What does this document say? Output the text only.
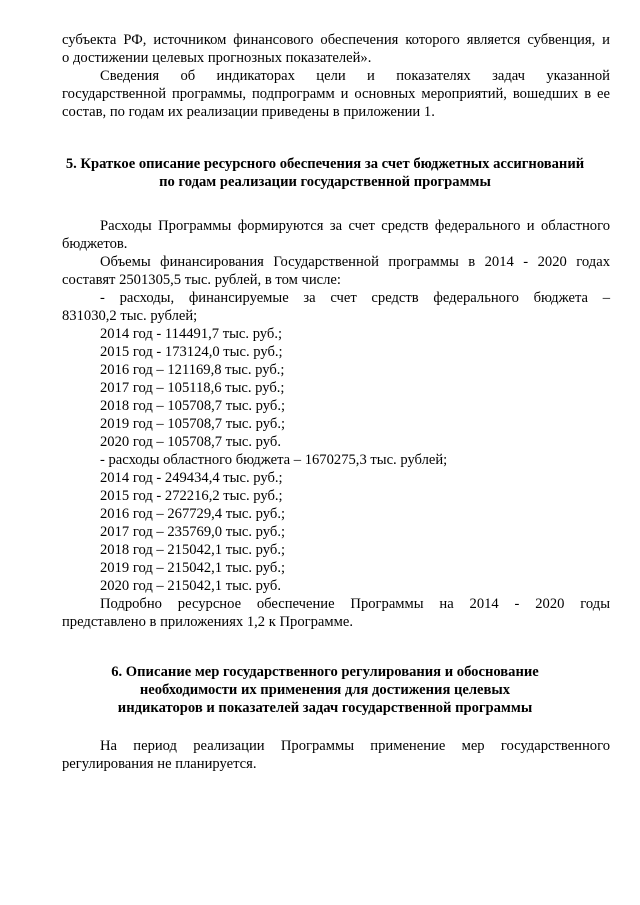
субъекта РФ, источником финансового обеспечения которого является субвенция, и
о достижении целевых прогнозных показателей».
Сведения об индикаторах цели и показателях задач указанной
государственной программы, подпрограмм и основных мероприятий, вошедших в ее
состав, по годам их реализации приведены в приложении 1.
5. Краткое описание ресурсного обеспечения за счет бюджетных ассигнований
по годам реализации государственной программы
Расходы Программы формируются за счет средств федерального и областного
бюджетов.
Объемы финансирования Государственной программы в 2014 - 2020 годах
составят 2501305,5 тыс. рублей, в том числе:
- расходы, финансируемые за счет средств федерального бюджета –
831030,2 тыс. рублей;
2014 год - 114491,7 тыс. руб.;
2015 год - 173124,0 тыс. руб.;
2016 год – 121169,8 тыс. руб.;
2017 год – 105118,6 тыс. руб.;
2018 год – 105708,7 тыс. руб.;
2019 год – 105708,7 тыс. руб.;
2020 год – 105708,7 тыс. руб.
- расходы областного бюджета – 1670275,3 тыс. рублей;
2014 год - 249434,4 тыс. руб.;
2015 год - 272216,2 тыс. руб.;
2016 год – 267729,4 тыс. руб.;
2017 год – 235769,0 тыс. руб.;
2018 год – 215042,1 тыс. руб.;
2019 год – 215042,1 тыс. руб.;
2020 год – 215042,1 тыс. руб.
Подробно ресурсное обеспечение Программы на 2014 - 2020 годы
представлено в приложениях 1,2 к Программе.
6. Описание мер государственного регулирования и обоснование
необходимости их применения для достижения целевых
индикаторов и показателей задач государственной программы
На период реализации Программы применение мер государственного
регулирования не планируется.
